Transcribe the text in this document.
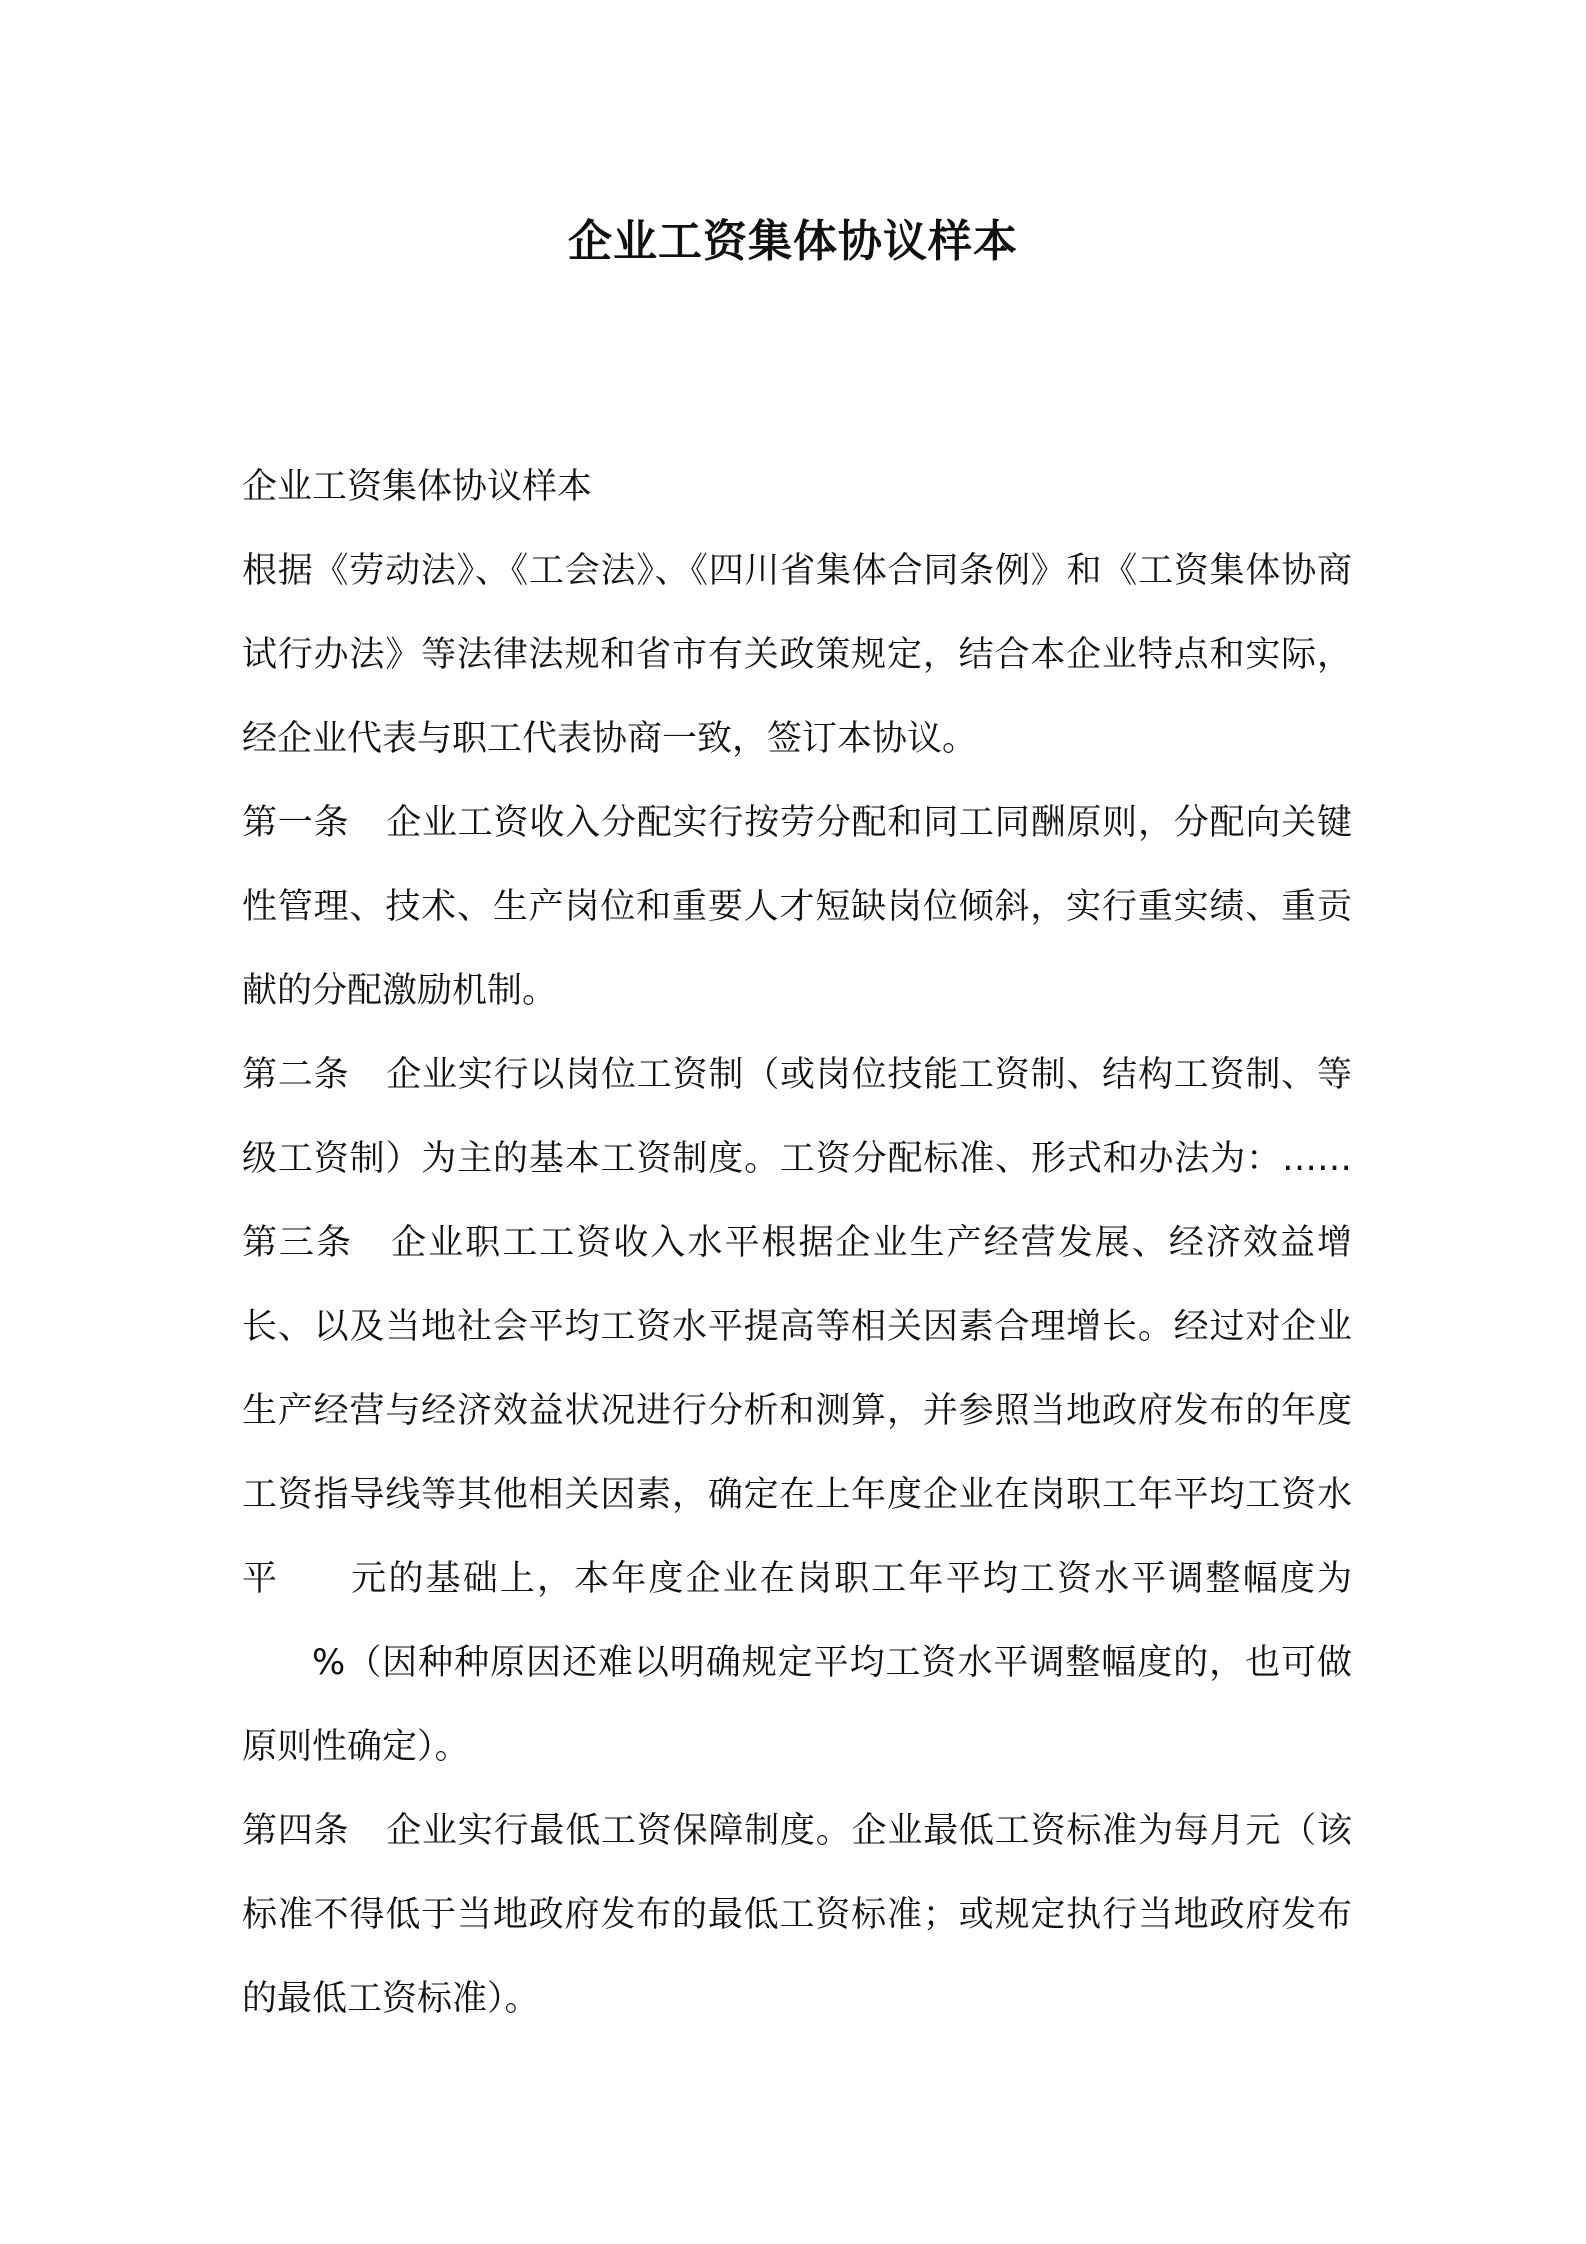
企业工资集体协议样本

企业工资集体协议样本

根据《劳动法》、《工会法》、《四川省集体合同条例》和《工资集体协商试行办法》等法律法规和省市有关政策规定，结合本企业特点和实际，经企业代表与职工代表协商一致，签订本协议。

第一条 企业工资收入分配实行按劳分配和同工同酬原则，分配向关键性管理、技术、生产岗位和重要人才短缺岗位倾斜，实行重实绩、重贡献的分配激励机制。

第二条 企业实行以岗位工资制（或岗位技能工资制、结构工资制、等级工资制）为主的基本工资制度。工资分配标准、形式和办法为：……第三条 企业职工工资收入水平根据企业生产经营发展、经济效益增长、以及当地社会平均工资水平提高等相关因素合理增长。经过对企业生产经营与经济效益状况进行分析和测算，并参照当地政府发布的年度工资指导线等其他相关因素，确定在上年度企业在岗职工年平均工资水平 元的基础上，本年度企业在岗职工年平均工资水平调整幅度为%（因种种原因还难以明确规定平均工资水平调整幅度的，也可做原则性确定）。

第四条 企业实行最低工资保障制度。企业最低工资标准为每月元（该标准不得低于当地政府发布的最低工资标准；或规定执行当地政府发布的最低工资标准）。
